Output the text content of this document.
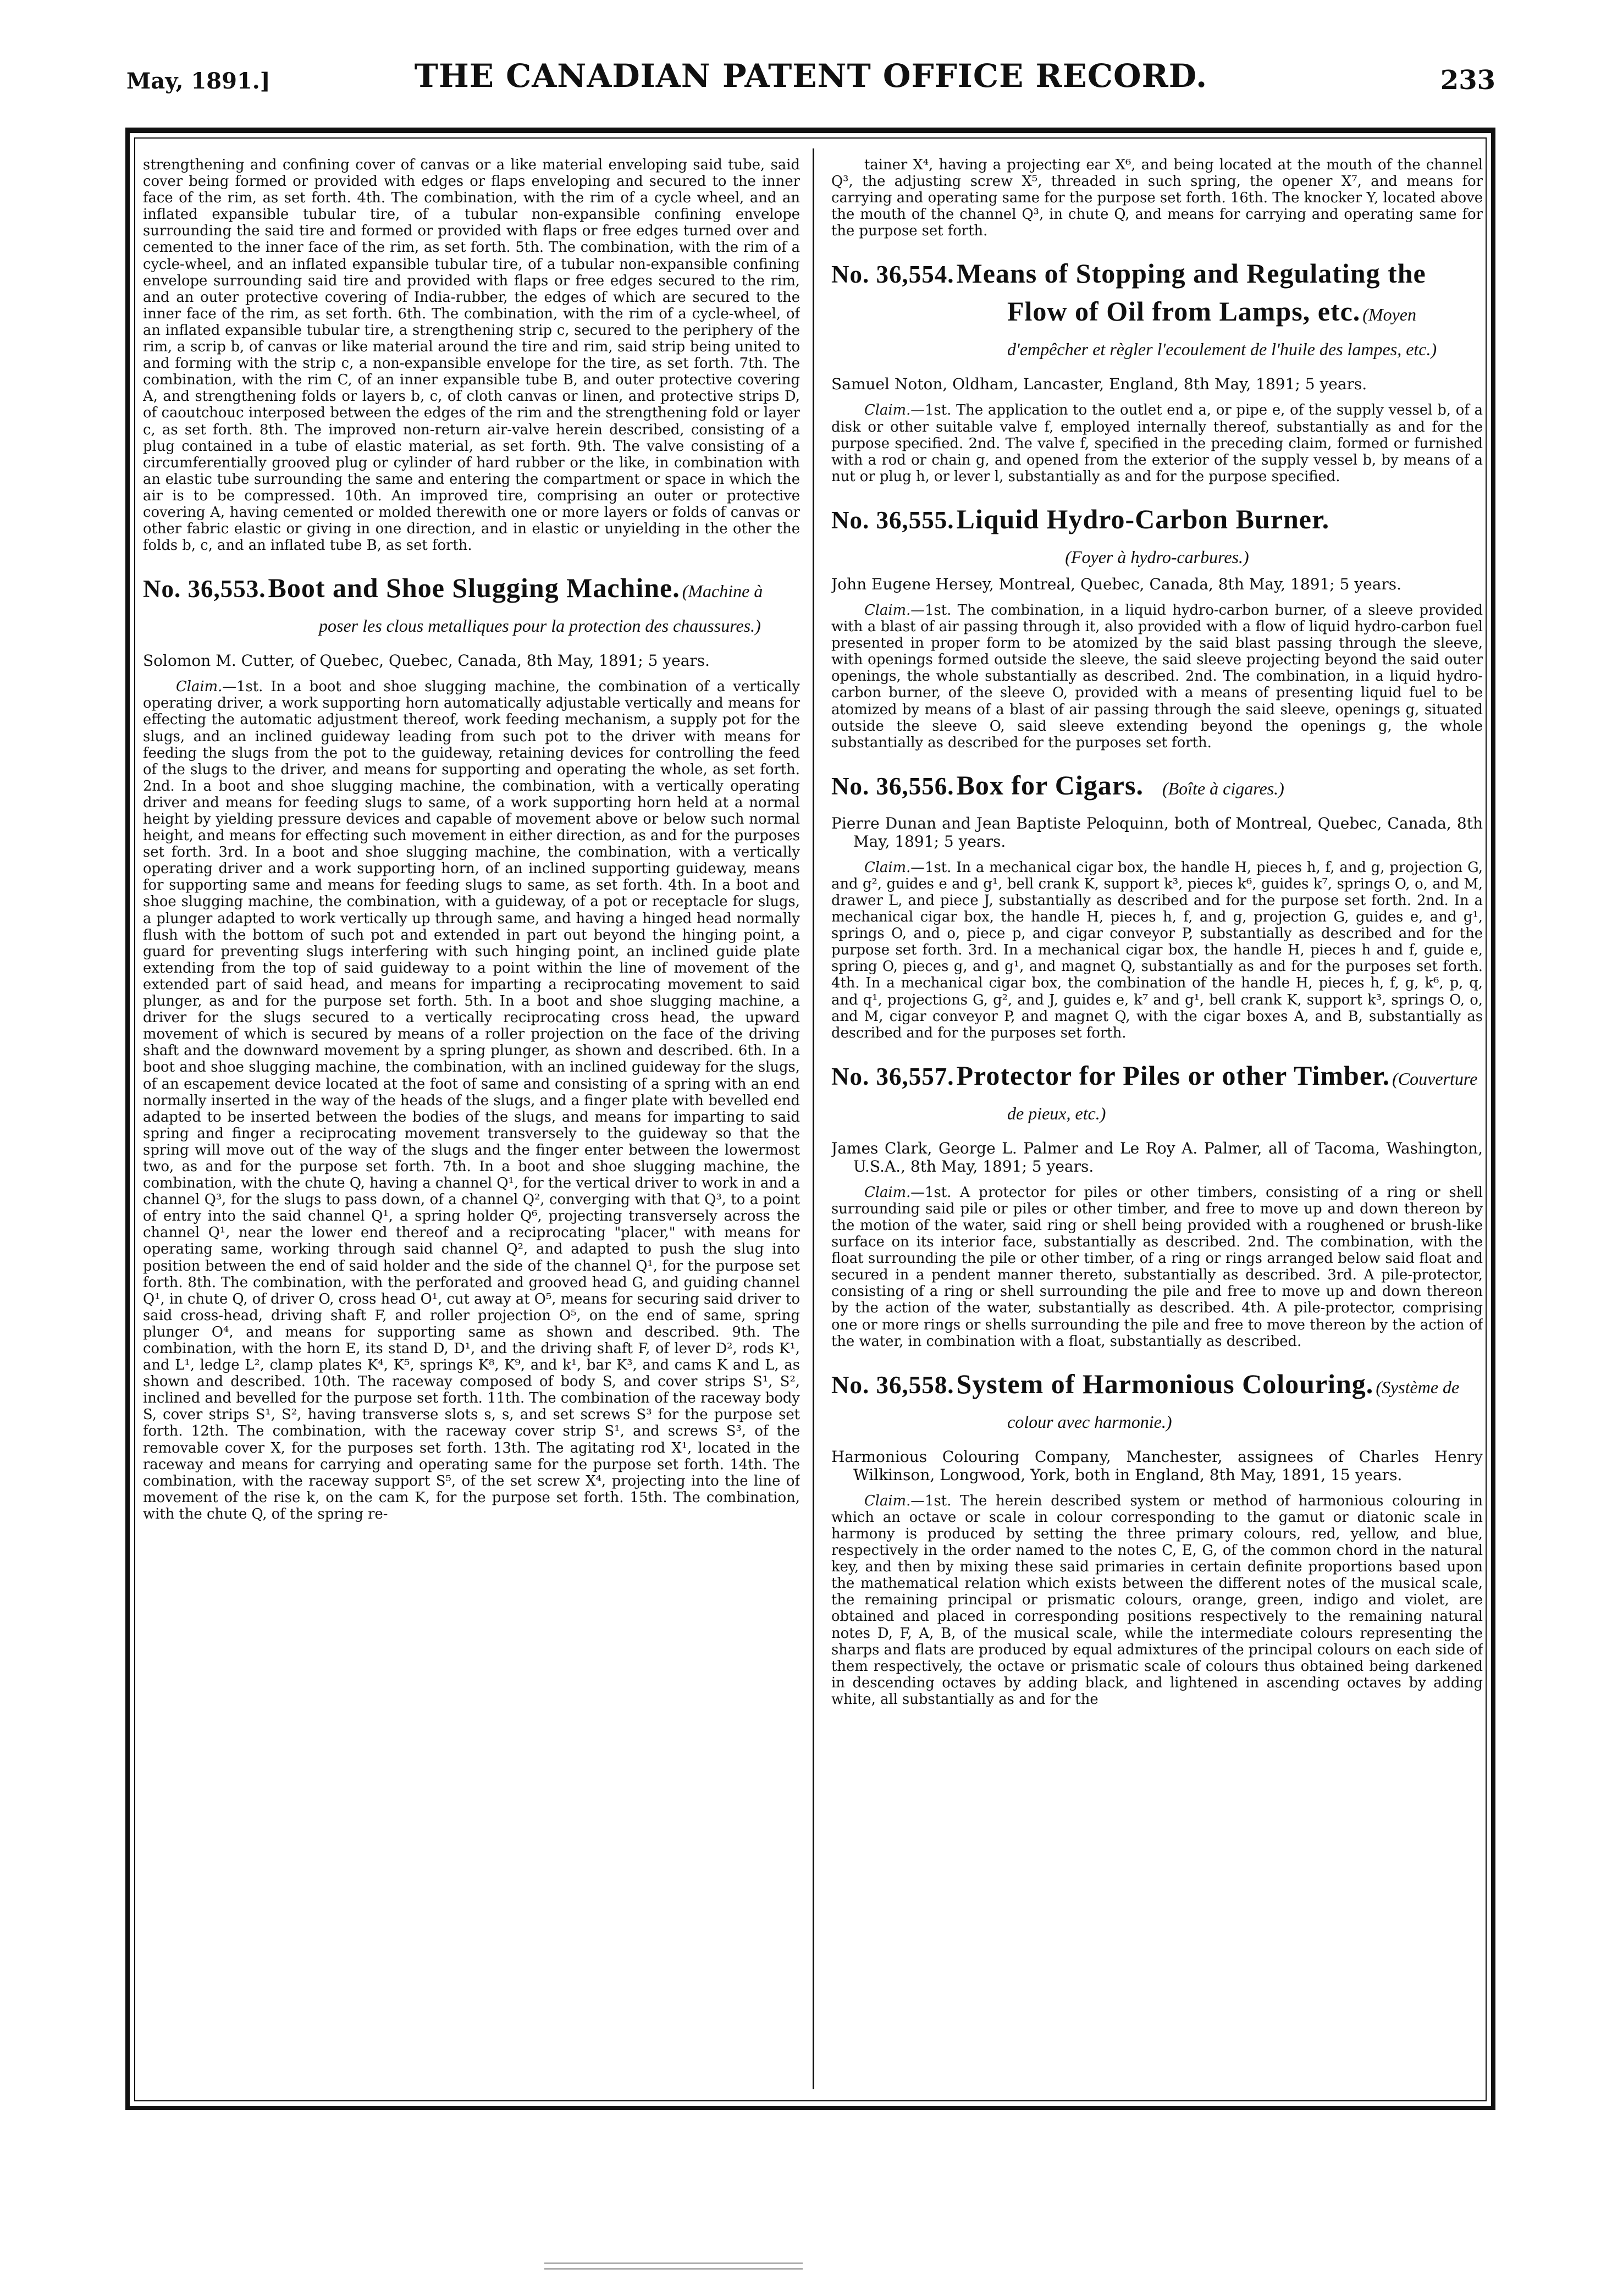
May, 1891.]	THE CANADIAN PATENT OFFICE RECORD.	233

strengthening and confining cover of canvas or a like material enveloping said tube, said cover being formed or provided with edges or flaps enveloping and secured to the inner face of the rim, as set forth. 4th. The combination, with the rim of a cycle wheel, and an inflated expansible tubular tire, of a tubular non-expansible confining envelope surrounding the said tire and formed or provided with flaps or free edges turned over and cemented to the inner face of the rim, as set forth. 5th. The combination, with the rim of a cycle-wheel, and an inflated expansible tubular tire, of a tubular non-expansible confining envelope surrounding said tire and provided with flaps or free edges secured to the rim, and an outer protective covering of India-rubber, the edges of which are secured to the inner face of the rim, as set forth. 6th. The combination, with the rim of a cycle-wheel, of an inflated expansible tubular tire, a strengthening strip c, secured to the periphery of the rim, a scrip b, of canvas or like material around the tire and rim, said strip being united to and forming with the strip c, a non-expansible envelope for the tire, as set forth. 7th. The combination, with the rim C, of an inner expansible tube B, and outer protective covering A, and strengthening folds or layers b, c, of cloth canvas or linen, and protective strips D, of caoutchouc interposed between the edges of the rim and the strengthening fold or layer c, as set forth. 8th. The improved non-return air-valve herein described, consisting of a plug contained in a tube of elastic material, as set forth. 9th. The valve consisting of a circumferentially grooved plug or cylinder of hard rubber or the like, in combination with an elastic tube surrounding the same and entering the compartment or space in which the air is to be compressed. 10th. An improved tire, comprising an outer or protective covering A, having cemented or molded therewith one or more layers or folds of canvas or other fabric elastic or giving in one direction, and in elastic or unyielding in the other the folds b, c, and an inflated tube B, as set forth.

No. 36,553. Boot and Shoe Slugging Machine. (Machine à poser les clous metalliques pour la protection des chaussures.)

Solomon M. Cutter, of Quebec, Quebec, Canada, 8th May, 1891; 5 years.

Claim.—1st. In a boot and shoe slugging machine, the combination of a vertically operating driver, a work supporting horn automatically adjustable vertically and means for effecting the automatic adjustment thereof, work feeding mechanism, a supply pot for the slugs, and an inclined guideway leading from such pot to the driver with means for feeding the slugs from the pot to the guideway, retaining devices for controlling the feed of the slugs to the driver, and means for supporting and operating the whole, as set forth. 2nd. In a boot and shoe slugging machine, the combination, with a vertically operating driver and means for feeding slugs to same, of a work supporting horn held at a normal height by yielding pressure devices and capable of movement above or below such normal height, and means for effecting such movement in either direction, as and for the purposes set forth. 3rd. In a boot and shoe slugging machine, the combination, with a vertically operating driver and a work supporting horn, of an inclined supporting guideway, means for supporting same and means for feeding slugs to same, as set forth. 4th. In a boot and shoe slugging machine, the combination, with a guideway, of a pot or receptacle for slugs, a plunger adapted to work vertically up through same, and having a hinged head normally flush with the bottom of such pot and extended in part out beyond the hinging point, a guard for preventing slugs interfering with such hinging point, an inclined guide plate extending from the top of said guideway to a point within the line of movement of the extended part of said head, and means for imparting a reciprocating movement to said plunger, as and for the purpose set forth. 5th. In a boot and shoe slugging machine, a driver for the slugs secured to a vertically reciprocating cross head, the upward movement of which is secured by means of a roller projection on the face of the driving shaft and the downward movement by a spring plunger, as shown and described. 6th. In a boot and shoe slugging machine, the combination, with an inclined guideway for the slugs, of an escapement device located at the foot of same and consisting of a spring with an end normally inserted in the way of the heads of the slugs, and a finger plate with bevelled end adapted to be inserted between the bodies of the slugs, and means for imparting to said spring and finger a reciprocating movement transversely to the guideway so that the spring will move out of the way of the slugs and the finger enter between the lowermost two, as and for the purpose set forth. 7th. In a boot and shoe slugging machine, the combination, with the chute Q, having a channel Q¹, for the vertical driver to work in and a channel Q³, for the slugs to pass down, of a channel Q², converging with that Q³, to a point of entry into the said channel Q¹, a spring holder Q⁶, projecting transversely across the channel Q¹, near the lower end thereof and a reciprocating "placer," with means for operating same, working through said channel Q², and adapted to push the slug into position between the end of said holder and the side of the channel Q¹, for the purpose set forth. 8th. The combination, with the perforated and grooved head G, and guiding channel Q¹, in chute Q, of driver O, cross head O¹, cut away at O⁵, means for securing said driver to said cross-head, driving shaft F, and roller projection O⁵, on the end of same, spring plunger O⁴, and means for supporting same as shown and described. 9th. The combination, with the horn E, its stand D, D¹, and the driving shaft F, of lever D², rods K¹, and L¹, ledge L², clamp plates K⁴, K⁵, springs K⁸, K⁹, and k¹, bar K³, and cams K and L, as shown and described. 10th. The raceway composed of body S, and cover strips S¹, S², inclined and bevelled for the purpose set forth. 11th. The combination of the raceway body S, cover strips S¹, S², having transverse slots s, s, and set screws S³ for the purpose set forth. 12th. The combination, with the raceway cover strip S¹, and screws S³, of the removable cover X, for the purposes set forth. 13th. The agitating rod X¹, located in the raceway and means for carrying and operating same for the purpose set forth. 14th. The combination, with the raceway support S⁵, of the set screw X⁴, projecting into the line of movement of the rise k, on the cam K, for the purpose set forth. 15th. The combination, with the chute Q, of the spring re-

tainer X⁴, having a projecting ear X⁶, and being located at the mouth of the channel Q³, the adjusting screw X⁵, threaded in such spring, the opener X⁷, and means for carrying and operating same for the purpose set forth. 16th. The knocker Y, located above the mouth of the channel Q³, in chute Q, and means for carrying and operating same for the purpose set forth.

No. 36,554. Means of Stopping and Regulating the Flow of Oil from Lamps, etc. (Moyen d'empêcher et règler l'ecoulement de l'huile des lampes, etc.)

Samuel Noton, Oldham, Lancaster, England, 8th May, 1891; 5 years.

Claim.—1st. The application to the outlet end a, or pipe e, of the supply vessel b, of a disk or other suitable valve f, employed internally thereof, substantially as and for the purpose specified. 2nd. The valve f, specified in the preceding claim, formed or furnished with a rod or chain g, and opened from the exterior of the supply vessel b, by means of a nut or plug h, or lever l, substantially as and for the purpose specified.

No. 36,555. Liquid Hydro-Carbon Burner.
(Foyer à hydro-carbures.)

John Eugene Hersey, Montreal, Quebec, Canada, 8th May, 1891; 5 years.

Claim.—1st. The combination, in a liquid hydro-carbon burner, of a sleeve provided with a blast of air passing through it, also provided with a flow of liquid hydro-carbon fuel presented in proper form to be atomized by the said blast passing through the sleeve, with openings formed outside the sleeve, the said sleeve projecting beyond the said outer openings, the whole substantially as described. 2nd. The combination, in a liquid hydro-carbon burner, of the sleeve O, provided with a means of presenting liquid fuel to be atomized by means of a blast of air passing through the said sleeve, openings g, situated outside the sleeve O, said sleeve extending beyond the openings g, the whole substantially as described for the purposes set forth.

No. 36,556. Box for Cigars. (Boîte à cigares.)

Pierre Dunan and Jean Baptiste Peloquinn, both of Montreal, Quebec, Canada, 8th May, 1891; 5 years.

Claim.—1st. In a mechanical cigar box, the handle H, pieces h, f, and g, projection G, and g², guides e and g¹, bell crank K, support k³, pieces k⁶, guides k⁷, springs O, o, and M, drawer L, and piece J, substantially as described and for the purpose set forth. 2nd. In a mechanical cigar box, the handle H, pieces h, f, and g, projection G, guides e, and g¹, springs O, and o, piece p, and cigar conveyor P, substantially as described and for the purpose set forth. 3rd. In a mechanical cigar box, the handle H, pieces h and f, guide e, spring O, pieces g, and g¹, and magnet Q, substantially as and for the purposes set forth. 4th. In a mechanical cigar box, the combination of the handle H, pieces h, f, g, k⁶, p, q, and q¹, projections G, g², and J, guides e, k⁷ and g¹, bell crank K, support k³, springs O, o, and M, cigar conveyor P, and magnet Q, with the cigar boxes A, and B, substantially as described and for the purposes set forth.

No. 36,557. Protector for Piles or other Timber. (Couverture de pieux, etc.)

James Clark, George L. Palmer and Le Roy A. Palmer, all of Tacoma, Washington, U.S.A., 8th May, 1891; 5 years.

Claim.—1st. A protector for piles or other timbers, consisting of a ring or shell surrounding said pile or piles or other timber, and free to move up and down thereon by the motion of the water, said ring or shell being provided with a roughened or brush-like surface on its interior face, substantially as described. 2nd. The combination, with the float surrounding the pile or other timber, of a ring or rings arranged below said float and secured in a pendent manner thereto, substantially as described. 3rd. A pile-protector, consisting of a ring or shell surrounding the pile and free to move up and down thereon by the action of the water, substantially as described. 4th. A pile-protector, comprising one or more rings or shells surrounding the pile and free to move thereon by the action of the water, in combination with a float, substantially as described.

No. 36,558. System of Harmonious Colouring. (Système de colour avec harmonie.)

Harmonious Colouring Company, Manchester, assignees of Charles Henry Wilkinson, Longwood, York, both in England, 8th May, 1891, 15 years.

Claim.—1st. The herein described system or method of harmonious colouring in which an octave or scale in colour corresponding to the gamut or diatonic scale in harmony is produced by setting the three primary colours, red, yellow, and blue, respectively in the order named to the notes C, E, G, of the common chord in the natural key, and then by mixing these said primaries in certain definite proportions based upon the mathematical relation which exists between the different notes of the musical scale, the remaining principal or prismatic colours, orange, green, indigo and violet, are obtained and placed in corresponding positions respectively to the remaining natural notes D, F, A, B, of the musical scale, while the intermediate colours representing the sharps and flats are produced by equal admixtures of the principal colours on each side of them respectively, the octave or prismatic scale of colours thus obtained being darkened in descending octaves by adding black, and lightened in ascending octaves by adding white, all substantially as and for the
